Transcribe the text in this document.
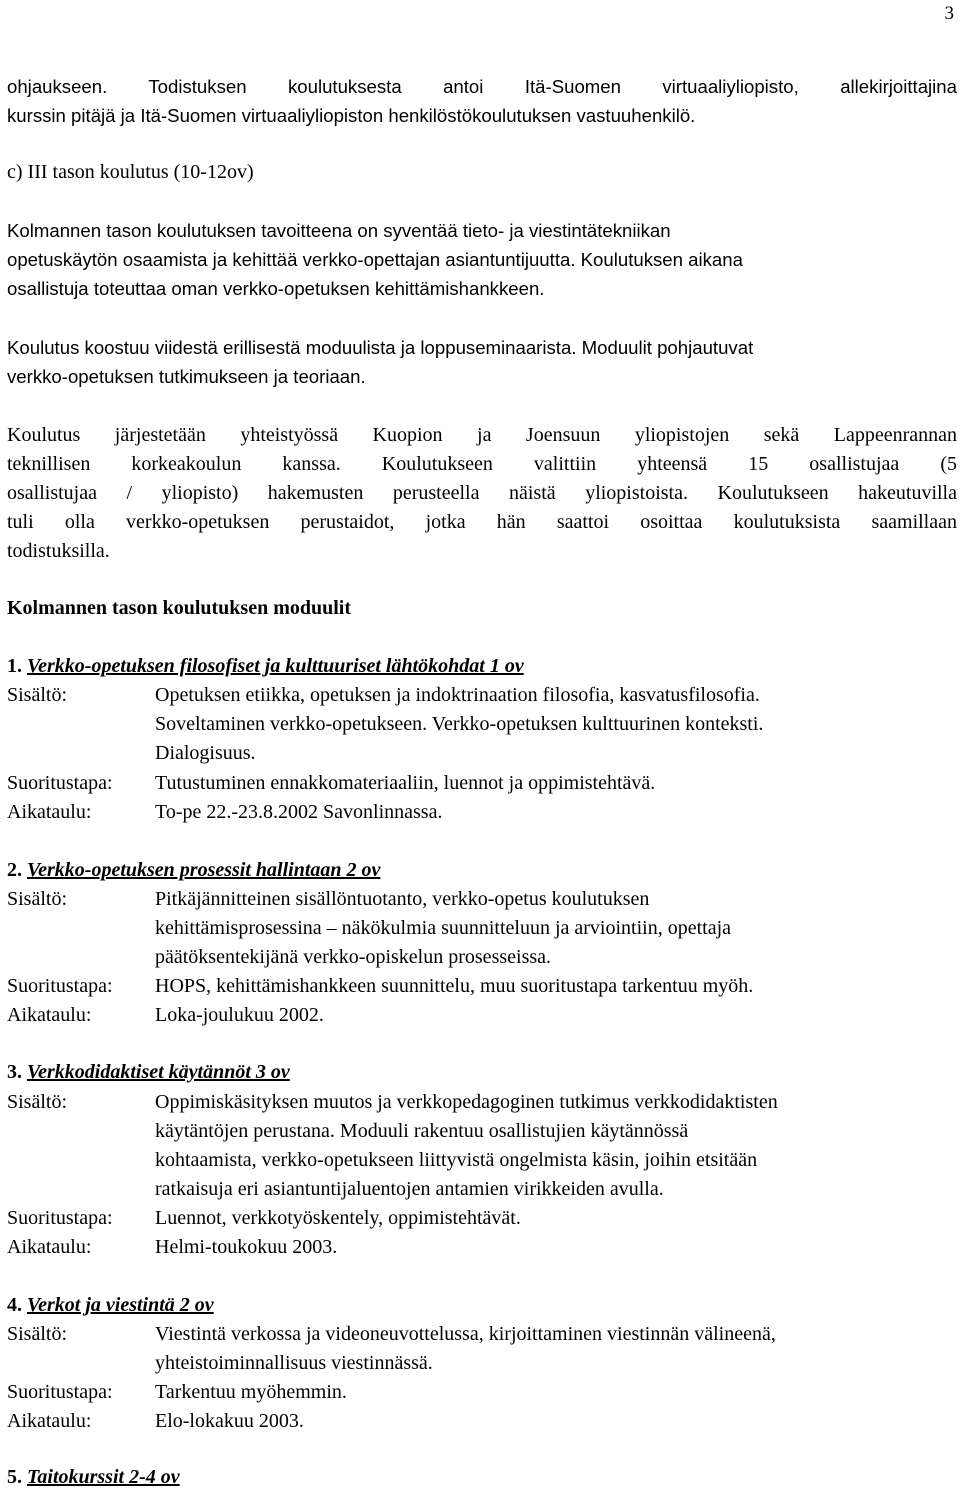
3
ohjaukseen. Todistuksen koulutuksesta antoi Itä-Suomen virtuaaliyliopisto, allekirjoittajina
kurssin pitäjä ja Itä-Suomen virtuaaliyliopiston henkilöstökoulutuksen vastuuhenkilö.
c) III tason koulutus (10-12ov)
Kolmannen tason koulutuksen tavoitteena on syventää tieto- ja viestintätekniikan
opetuskäytön osaamista ja kehittää verkko-opettajan asiantuntijuutta. Koulutuksen aikana
osallistuja toteuttaa oman verkko-opetuksen kehittämishankkeen.
Koulutus koostuu viidestä erillisestä moduulista ja loppuseminaarista. Moduulit pohjautuvat
verkko-opetuksen tutkimukseen ja teoriaan.
Koulutus järjestetään yhteistyössä Kuopion ja Joensuun yliopistojen sekä Lappeenrannan
teknillisen korkeakoulun kanssa. Koulutukseen valittiin yhteensä 15 osallistujaa (5
osallistujaa / yliopisto) hakemusten perusteella näistä yliopistoista. Koulutukseen hakeutuvilla
tuli olla verkko-opetuksen perustaidot, jotka hän saattoi osoittaa koulutuksista saamillaan
todistuksilla.
Kolmannen tason koulutuksen moduulit
1. Verkko-opetuksen filosofiset ja kulttuuriset lähtökohdat 1 ov
Sisältö:	Opetuksen etiikka, opetuksen ja indoktrinaation filosofia, kasvatusfilosofia.
Soveltaminen verkko-opetukseen. Verkko-opetuksen kulttuurinen konteksti.
Dialogisuus.
Suoritustapa: Tutustuminen ennakkomateriaaliin, luennot ja oppimistehtävä.
Aikataulu:	To-pe 22.-23.8.2002 Savonlinnassa.
2. Verkko-opetuksen prosessit hallintaan 2 ov
Sisältö:	Pitkäjännitteinen sisällöntuotanto, verkko-opetus koulutuksen
kehittämisprosessina – näkökulmia suunnitteluun ja arviointiin, opettaja
päätöksentekijänä verkko-opiskelun prosesseissa.
Suoritustapa: HOPS, kehittämishankkeen suunnittelu, muu suoritustapa tarkentuu myöh.
Aikataulu:	Loka-joulukuu 2002.
3. Verkkodidaktiset käytännöt 3 ov
Sisältö:	Oppimiskäsityksen muutos ja verkkopedagoginen tutkimus verkkodidaktisten
käytäntöjen perustana. Moduuli rakentuu osallistujien käytännössä
kohtaamista, verkko-opetukseen liittyvistä ongelmista käsin, joihin etsitään
ratkaisuja eri asiantuntijaluentojen antamien virikkeiden avulla.
Suoritustapa: Luennot, verkkotyöskentely, oppimistehtävät.
Aikataulu:	Helmi-toukokuu 2003.
4. Verkot ja viestintä 2 ov
Sisältö:	Viestintä verkossa ja videoneuvottelussa, kirjoittaminen viestinnän välineenä,
yhteistoiminnallisuus viestinnässä.
Suoritustapa: Tarkentuu myöhemmin.
Aikataulu:	Elo-lokakuu 2003.
5. Taitokurssit 2-4 ov
